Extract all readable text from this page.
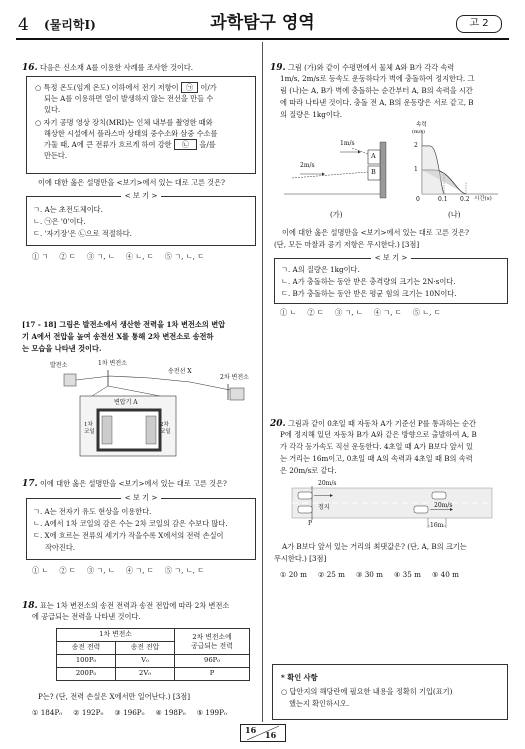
4 (물리학Ⅰ)	과학탐구 영역	고 2
16. 다음은 신소재 A를 이용한 사례를 조사한 것이다.
○ 특정 온도(임계 온도) 이하에서 전기 저항이 ㉠ 이/가
되는 A를 이용하면 열이 발생하지 않는 전선을 만들 수
있다.
○ 자기 공명 영상 장치(MRI)는 인체 내부를 촬영한 때와
해상한 시설에서 플라스마 상태의 중수소와 삼중 수소를
가둘 때, A에 큰 전류가 흐르게 하여 강한 ㉡ 을/를
만든다.
이에 대한 옳은 설명만을 <보기>에서 있는 대로 고른 것은?
< 보 기 >
ㄱ. A는 초전도체이다.
ㄴ. ㉠은 '0'이다.
ㄷ. '자기장'은 ㉡으로 적절하다.
① ㄱ ② ㄷ ③ ㄱ, ㄴ ④ ㄴ, ㄷ ⑤ ㄱ, ㄴ, ㄷ
[17 - 18] 그림은 발전소에서 생산한 전력을 1차 변전소의 변압
기 A에서 전압을 높여 송전선 X를 통해 2차 변전소로 송전하
는 모습을 나타낸 것이다.
발전소	1차 변전소
송전선 X
2차 변전소
변압기 A
1차 코일
2차 코일
17. 이에 대한 옳은 설명만을 <보기>에서 있는 대로 고른 것은?
< 보 기 >
ㄱ. A는 전자기 유도 현상을 이용한다.
ㄴ. A에서 1차 코일의 감은 수는 2차 코일의 감은 수보다 많다.
ㄷ. X에 흐르는 전류의 세기가 작을수록 X에서의 전력 손실이
작아진다.
① ㄴ ② ㄷ ③ ㄱ, ㄴ ④ ㄱ, ㄷ ⑤ ㄱ, ㄴ, ㄷ
18. 표는 1차 변전소의 송전 전력과 송전 전압에 따라 2차 변전소
에 공급되는 전력을 나타낸 것이다.
1차 변전소		2차 변전소에
공급되는 전력
송전 전력	송전 전압	
100P₀	V₀	96P₀
200P₀	2V₀	P
P는? (단, 전력 손실은 X에서만 일어난다.) [3점]
① 184P₀ ② 192P₀ ③ 196P₀ ④ 198P₀ ⑤ 199P₀
19. 그림 (가)와 같이 수평면에서 물체 A와 B가 각각 속력
1m/s, 2m/s로 등속도 운동하다가 벽에 충돌하여 정지한다. 그
림 (나)는 A, B가 벽에 충돌하는 순간부터 A, B의 속력을 시간
에 따라 나타낸 것이다. 충돌 전 A, B의 운동량은 서로 같고, B
의 질량은 1kg이다.
1m/s
2m/s
A
B
속력
(m/s)
2
1
0	0.1 0.2 시간(s)
(가)	(나)
이에 대한 옳은 설명만을 <보기>에서 있는 대로 고른 것은?
(단, 모든 마찰과 공기 저항은 무시한다.) [3점]
< 보 기 >
ㄱ. A의 질량은 1kg이다.
ㄴ. A가 충돌하는 동안 받은 충격량의 크기는 2N·s이다.
ㄷ. B가 충돌하는 동안 받은 평균 힘의 크기는 10N이다.
① ㄴ ② ㄷ ③ ㄱ, ㄴ ④ ㄱ, ㄷ ⑤ ㄴ, ㄷ
20. 그림과 같이 0초일 때 자동차 A가 기준선 P를 통과하는 순간
P에 정지해 있던 자동차 B가 A와 같은 방향으로 출발하여 A, B
가 각각 등가속도 직선 운동한다. 4초일 때 A가 B보다 앞서 있
는 거리는 16m이고, 0초일 때 A의 속력과 4초일 때 B의 속력
은 20m/s로 같다.
20m/s
정지	20m/s
P	16m
A가 B보다 앞서 있는 거리의 최댓값은? (단, A, B의 크기는
무시한다.) [3점]
① 20 m ② 25 m ③ 30 m ④ 35 m ⑤ 40 m
* 확인 사항
○ 답안지의 해당란에 필요한 내용을 정확히 기입(표기)
했는지 확인하시오.
16 16
